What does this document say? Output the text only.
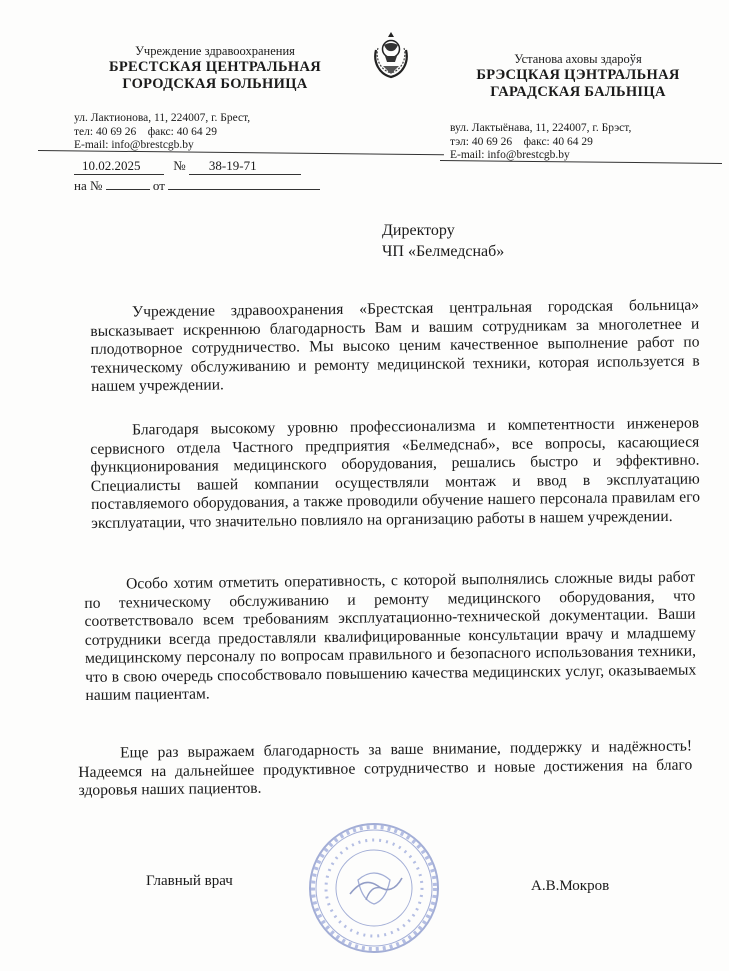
Учреждение здравоохранения
БРЕСТСКАЯ ЦЕНТРАЛЬНАЯ
ГОРОДСКАЯ БОЛЬНИЦА
ул. Лактионова, 11, 224007, г. Брест,
тел: 40 69 26    факс: 40 64 29
E-mail: info@brestcgb.by
Установа аховы здароўя
БРЭСЦКАЯ ЦЭНТРАЛЬНАЯ
ГАРАДСКАЯ БАЛЬНІЦА
вул. Лактыёнава, 11, 224007, г. Брэст,
тэл: 40 69 26    факс: 40 64 29
E-mail: info@brestcgb.by
10.02.2025	№ 38-19-71
на №	от
Директору
ЧП «Белмедснаб»
Учреждение здравоохранения «Брестская центральная городская больница» высказывает искреннюю благодарность Вам и вашим сотрудникам за многолетнее и плодотворное сотрудничество. Мы высоко ценим качественное выполнение работ по техническому обслуживанию и ремонту медицинской техники, которая используется в нашем учреждении.
Благодаря высокому уровню профессионализма и компетентности инженеров сервисного отдела Частного предприятия «Белмедснаб», все вопросы, касающиеся функционирования медицинского оборудования, решались быстро и эффективно. Специалисты вашей компании осуществляли монтаж и ввод в эксплуатацию поставляемого оборудования, а также проводили обучение нашего персонала правилам его эксплуатации, что значительно повлияло на организацию работы в нашем учреждении.
Особо хотим отметить оперативность, с которой выполнялись сложные виды работ по техническому обслуживанию и ремонту медицинского оборудования, что соответствовало всем требованиям эксплуатационно-технической документации. Ваши сотрудники всегда предоставляли квалифицированные консультации врачу и младшему медицинскому персоналу по вопросам правильного и безопасного использования техники, что в свою очередь способствовало повышению качества медицинских услуг, оказываемых нашим пациентам.
Еще раз выражаем благодарность за ваше внимание, поддержку и надёжность! Надеемся на дальнейшее продуктивное сотрудничество и новые достижения на благо здоровья наших пациентов.
Главный врач	А.В.Мокров
